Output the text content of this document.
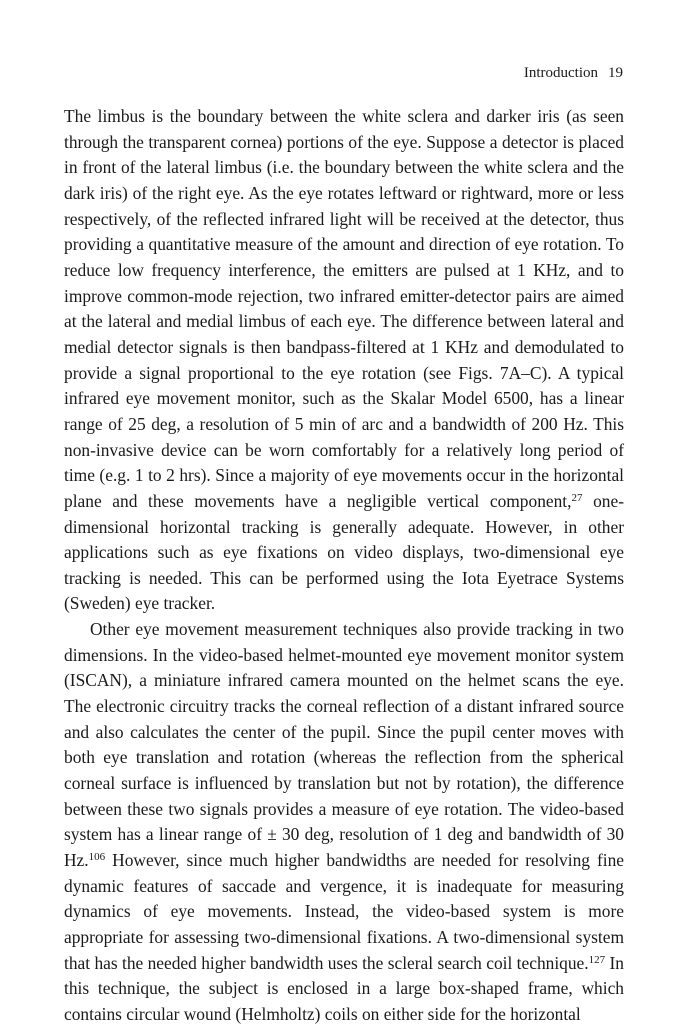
Introduction 19

The limbus is the boundary between the white sclera and darker iris (as seen through the transparent cornea) portions of the eye. Suppose a detector is placed in front of the lateral limbus (i.e. the boundary between the white sclera and the dark iris) of the right eye. As the eye rotates leftward or rightward, more or less respectively, of the reflected infrared light will be received at the detector, thus providing a quantitative measure of the amount and direction of eye rotation. To reduce low frequency interference, the emitters are pulsed at 1 KHz, and to improve common-mode rejection, two infrared emitter-detector pairs are aimed at the lateral and medial limbus of each eye. The difference between lateral and medial detector signals is then bandpass-filtered at 1 KHz and demodulated to provide a signal proportional to the eye rotation (see Figs. 7A–C). A typical infrared eye movement monitor, such as the Skalar Model 6500, has a linear range of 25 deg, a resolution of 5 min of arc and a bandwidth of 200 Hz. This non-invasive device can be worn comfortably for a relatively long period of time (e.g. 1 to 2 hrs). Since a majority of eye movements occur in the horizontal plane and these movements have a negligible vertical component,$^{27}$ one-dimensional horizontal tracking is generally adequate. However, in other applications such as eye fixations on video displays, two-dimensional eye tracking is needed. This can be performed using the Iota Eyetrace Systems (Sweden) eye tracker.

Other eye movement measurement techniques also provide tracking in two dimensions. In the video-based helmet-mounted eye movement monitor system (ISCAN), a miniature infrared camera mounted on the helmet scans the eye. The electronic circuitry tracks the corneal reflection of a distant infrared source and also calculates the center of the pupil. Since the pupil center moves with both eye translation and rotation (whereas the reflection from the spherical corneal surface is influenced by translation but not by rotation), the difference between these two signals provides a measure of eye rotation. The video-based system has a linear range of ± 30 deg, resolution of 1 deg and bandwidth of 30 Hz.$^{106}$ However, since much higher bandwidths are needed for resolving fine dynamic features of saccade and vergence, it is inadequate for measuring dynamics of eye movements. Instead, the video-based system is more appropriate for assessing two-dimensional fixations. A two-dimensional system that has the needed higher bandwidth uses the scleral search coil technique.$^{127}$ In this technique, the subject is enclosed in a large box-shaped frame, which contains circular wound (Helmholtz) coils on either side for the horizontal
